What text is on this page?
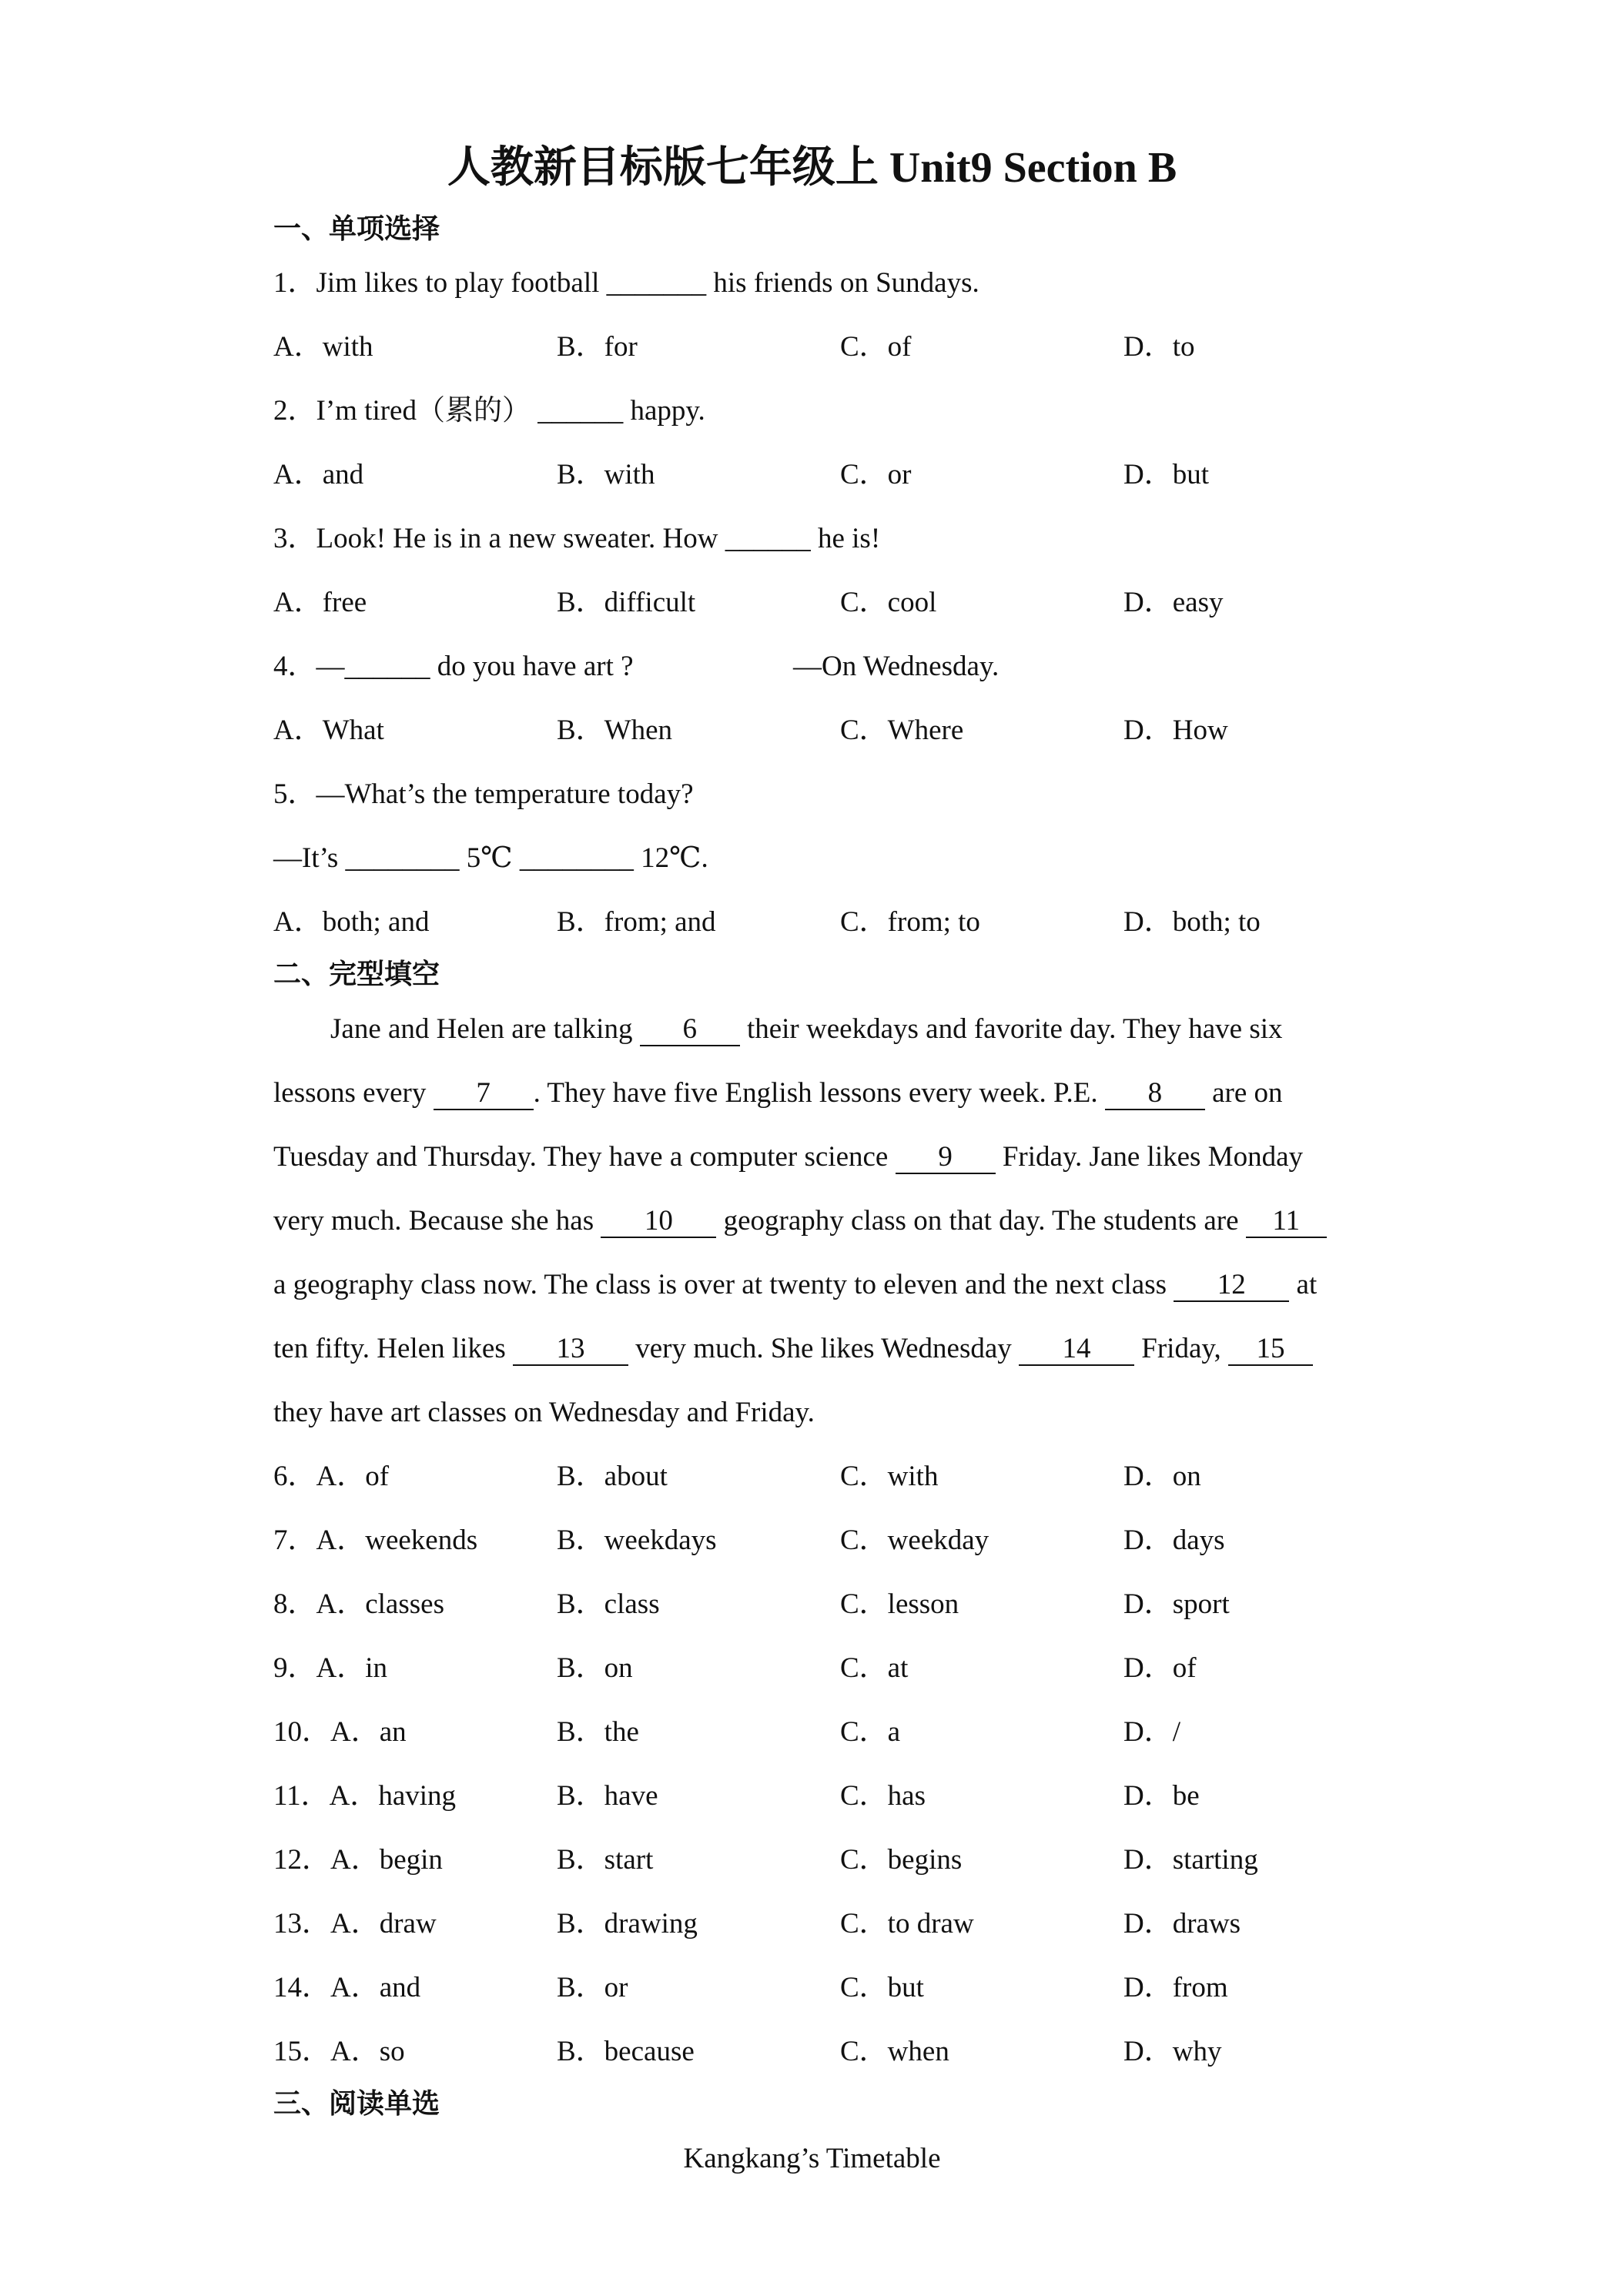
人教新目标版七年级上 Unit9 Section B
一、单项选择
1．Jim likes to play football _______ his friends on Sundays.
A．with	B．for	C．of	D．to
2．I’m tired（累的） ______ happy.
A．and	B．with	C．or	D．but
3．Look! He is in a new sweater. How ______ he is!
A．free	B．difficult	C．cool	D．easy
4．—______ do you have art ?	—On Wednesday.
A．What	B．When	C．Where	D．How
5．—What’s the temperature today?
—It’s ________ 5℃ ________ 12℃.
A．both; and	B．from; and	C．from; to	D．both; to
二、完型填空
Jane and Helen are talking 6 their weekdays and favorite day. They have six
lessons every 7 . They have five English lessons every week. P.E. 8 are on
Tuesday and Thursday. They have a computer science 9 Friday. Jane likes Monday
very much. Because she has 10 geography class on that day. The students are 11
a geography class now. The class is over at twenty to eleven and the next class 12 at
ten fifty. Helen likes 13 very much. She likes Wednesday 14 Friday, 15
they have art classes on Wednesday and Friday.
6．A．of	B．about	C．with	D．on
7．A．weekends	B．weekdays	C．weekday	D．days
8．A．classes	B．class	C．lesson	D．sport
9．A．in	B．on	C．at	D．of
10．A．an	B．the	C．a	D．/
11．A．having	B．have	C．has	D．be
12．A．begin	B．start	C．begins	D．starting
13．A．draw	B．drawing	C．to draw	D．draws
14．A．and	B．or	C．but	D．from
15．A．so	B．because	C．when	D．why
三、阅读单选
Kangkang’s Timetable
